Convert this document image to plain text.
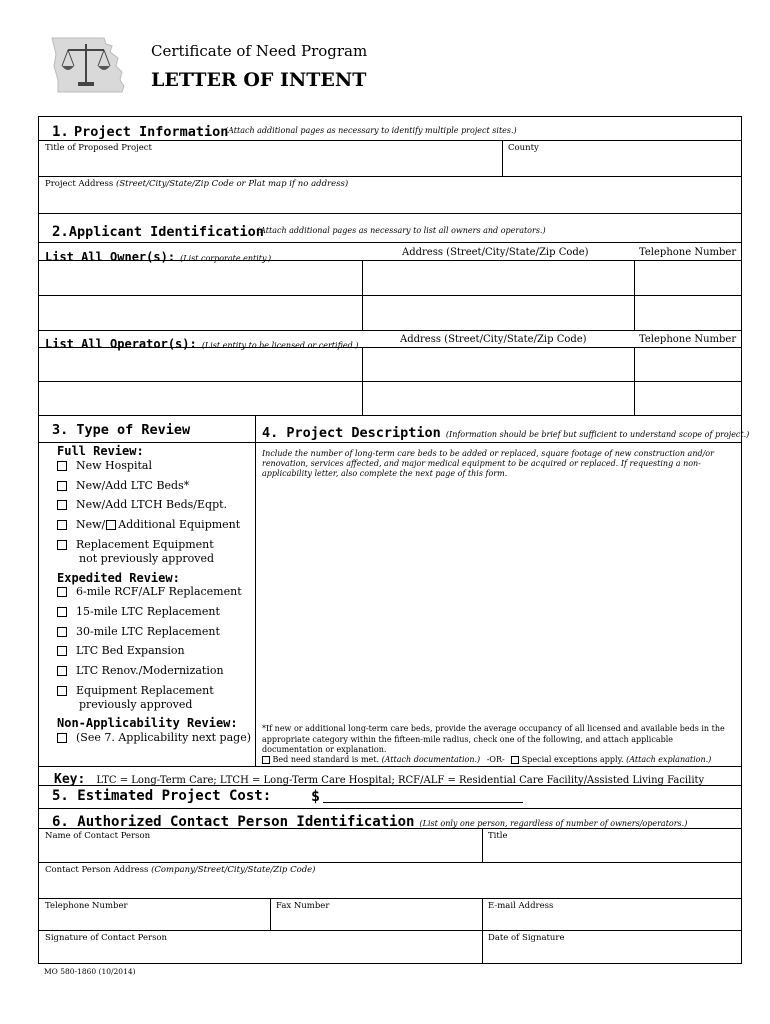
Certificate of Need Program
LETTER OF INTENT
1. Project Information
(Attach additional pages as necessary to identify multiple project sites.)
Title of Proposed Project	County
Project Address (Street/City/State/Zip Code or Plat map if no address)
2.Applicant Identification
(Attach additional pages as necessary to list all owners and operators.)
List All Owner(s): (List corporate entity.)
Address (Street/City/State/Zip Code)	Telephone Number
List All Operator(s): (List entity to be licensed or certified.)
Address (Street/City/State/Zip Code)	Telephone Number
3. Type of Review	4. Project Description (Information should be brief but sufficient to understand scope of project.)
Full Review:
New Hospital
New/Add LTC Beds*
New/Add LTCH Beds/Eqpt.
New/ Additional Equipment
Replacement Equipment
not previously approved
Expedited Review:
6-mile RCF/ALF Replacement
15-mile LTC Replacement
30-mile LTC Replacement
LTC Bed Expansion
LTC Renov./Modernization
Equipment Replacement
previously approved
Non-Applicability Review:
(See 7. Applicability next page)
Include the number of long-term care beds to be added or replaced, square footage of new construction and/or renovation, services affected, and major medical equipment to be acquired or replaced. If requesting a non-applicability letter, also complete the next page of this form.
*If new or additional long-term care beds, provide the average occupancy of all licensed and available beds in the appropriate category within the fifteen-mile radius, check one of the following, and attach applicable documentation or explanation.
Bed need standard is met. (Attach documentation.) -OR- Special exceptions apply. (Attach explanation.)
Key: LTC = Long-Term Care; LTCH = Long-Term Care Hospital; RCF/ALF = Residential Care Facility/Assisted Living Facility
5. Estimated Project Cost:	$
6. Authorized Contact Person Identification (List only one person, regardless of number of owners/operators.)
Name of Contact Person	Title
Contact Person Address (Company/Street/City/State/Zip Code)
Telephone Number	Fax Number	E-mail Address
Signature of Contact Person	Date of Signature
MO 580-1860 (10/2014)
